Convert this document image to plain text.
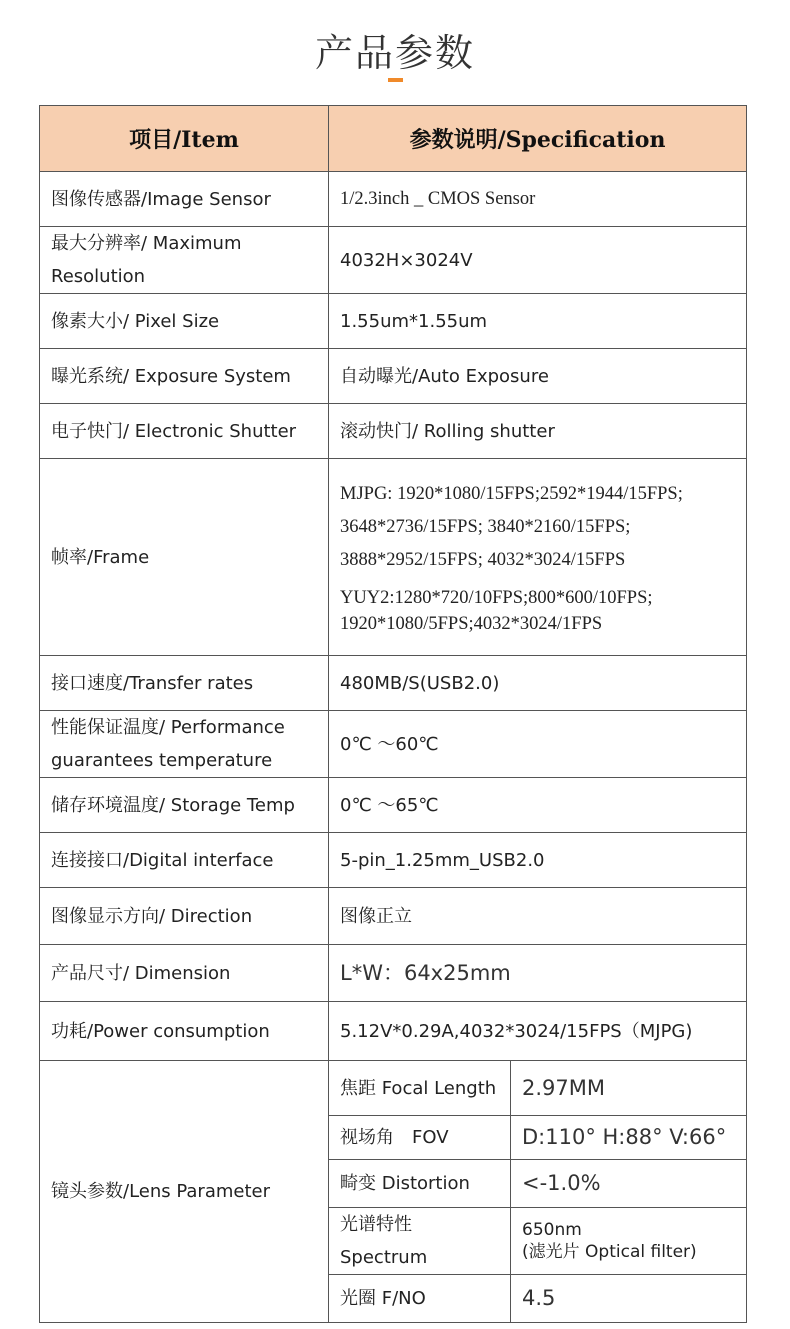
产品参数
项目/Item	参数说明/Specification	
图像传感器/Image Sensor	1/2.3inch _ CMOS Sensor	
最大分辨率/ Maximum Resolution	4032H×3024V	
像素大小/ Pixel Size	1.55um*1.55um	
曝光系统/ Exposure System	自动曝光/Auto Exposure	
电子快门/ Electronic Shutter	滚动快门/ Rolling shutter	
帧率/Frame	MJPG: 1920*1080/15FPS;2592*1944/15FPS;

3648*2736/15FPS; 3840*2160/15FPS;

3888*2952/15FPS; 4032*3024/15FPS

YUY2:1280*720/10FPS;800*600/10FPS;

1920*1080/5FPS;4032*3024/1FPS	

接口速度/Transfer rates	480MB/S(USB2.0)	
性能保证温度/ Performance guarantees temperature	0℃ ～60℃	
储存环境温度/ Storage Temp	0℃ ～65℃	
连接接口/Digital interface	5-pin_1.25mm_USB2.0	
图像显示方向/ Direction	图像正立	
产品尺寸/ Dimension	L*W：64x25mm	
功耗/Power consumption	5.12V*0.29A,4032*3024/15FPS（MJPG)	
镜头参数/Lens Parameter	焦距 Focal Length	2.97MM
	视场角　FOV	D:110° H:88° V:66°
	畸变 Distortion	<-1.0%
	光谱特性 Spectrum	650nm
(滤光片 Optical filter)

	光圈 F/NO	4.5
